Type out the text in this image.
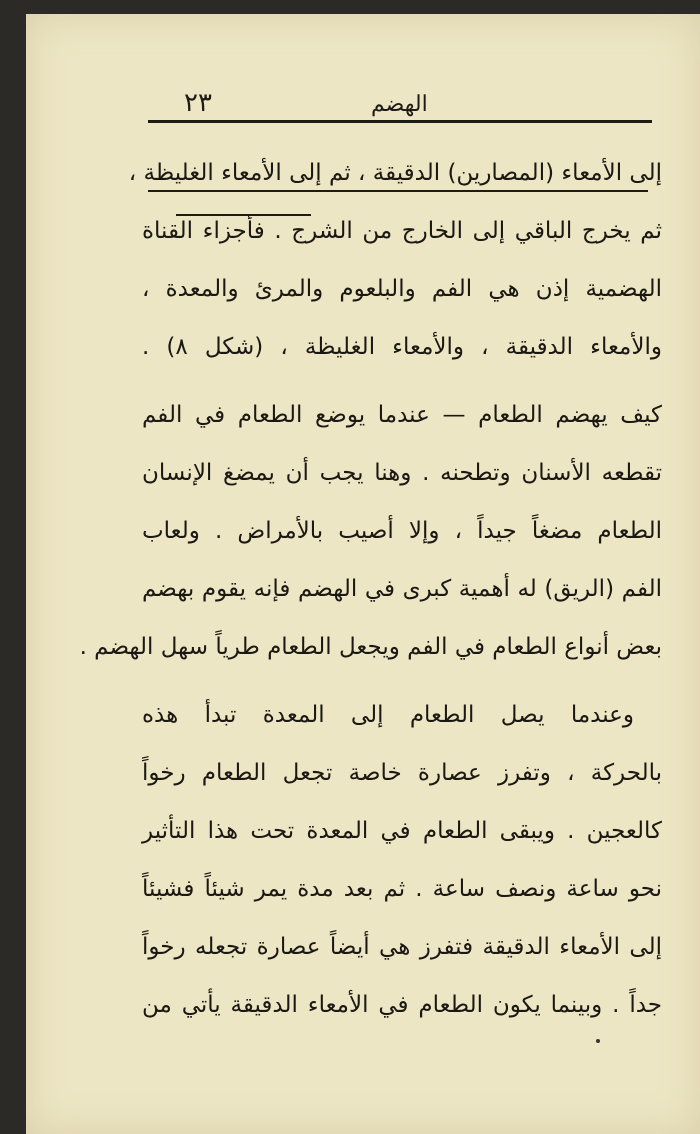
٢٣	الهضم
إلى الأمعاء (المصارين) الدقيقة ، ثم إلى الأمعاء الغليظة ،
ثم يخرج الباقي إلى الخارج من الشرج . فأجزاء القناة
الهضمية إذن هي الفم والبلعوم والمرئ والمعدة ،
والأمعاء الدقيقة ، والأمعاء الغليظة ، (شكل ٨) .
كيف يهضم الطعام — عندما يوضع الطعام في الفم
تقطعه الأسنان وتطحنه . وهنا يجب أن يمضغ الإنسان
الطعام مضغاً جيداً ، وإلا أصيب بالأمراض . ولعاب
الفم (الريق) له أهمية كبرى في الهضم فإنه يقوم بهضم
بعض أنواع الطعام في الفم ويجعل الطعام طرياً سهل الهضم .
وعندما يصل الطعام إلى المعدة تبدأ هذه
بالحركة ، وتفرز عصارة خاصة تجعل الطعام رخواً
كالعجين . ويبقى الطعام في المعدة تحت هذا التأثير
نحو ساعة ونصف ساعة . ثم بعد مدة يمر شيئاً فشيئاً
إلى الأمعاء الدقيقة فتفرز هي أيضاً عصارة تجعله رخواً
جداً . وبينما يكون الطعام في الأمعاء الدقيقة يأتي من
